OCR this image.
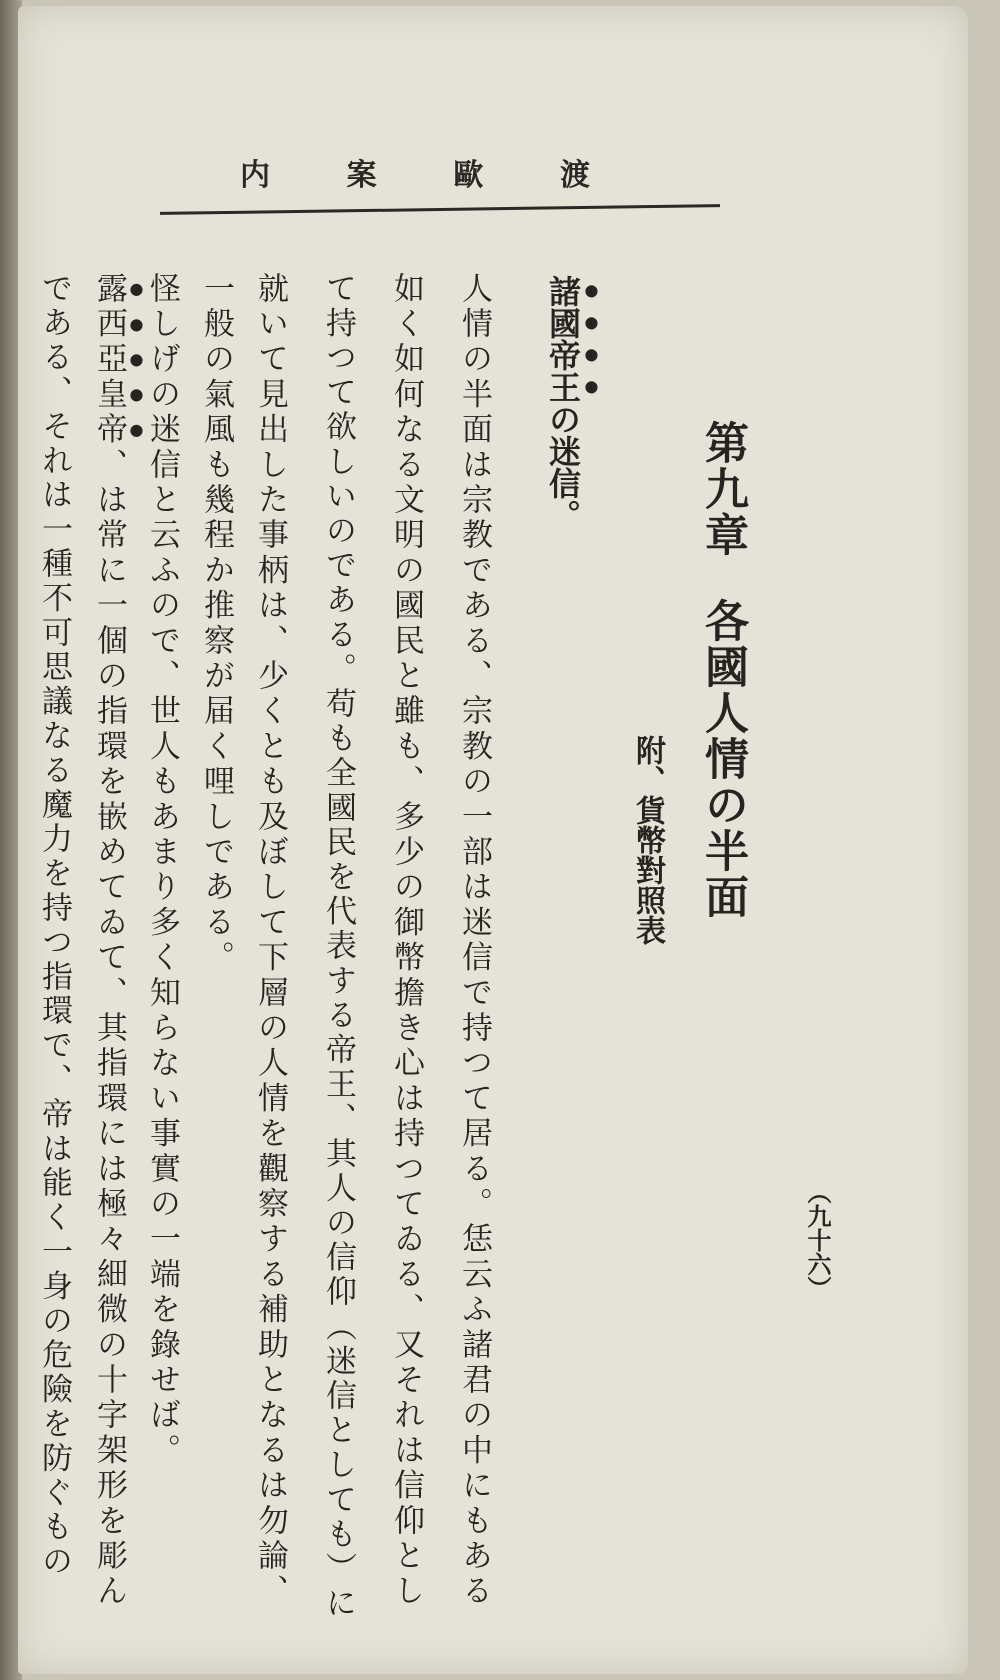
渡
歐
案
内
（九十六）
第九章各國人情の半面
附、貨幣對照表
諸國帝王の迷信。
人情の半面は宗教である、宗教の一部は迷信で持つて居る。恁云ふ諸君の中にもある
如く如何なる文明の國民と雖も、多少の御幣擔き心は持つてゐる、又それは信仰とし
て持つて欲しいのである。苟も全國民を代表する帝王、其人の信仰（迷信としても）に
就いて見出した事柄は、少くとも及ぼして下層の人情を觀察する補助となるは勿論、
一般の氣風も幾程か推察が届く哩しである。
怪しげの迷信と云ふので、世人もあまり多く知らない事實の一端を錄せば。
露西亞皇帝、は常に一個の指環を嵌めてゐて、其指環には極々細微の十字架形を彫ん
である、それは一種不可思議なる魔力を持つ指環で、帝は能く一身の危險を防ぐもの
